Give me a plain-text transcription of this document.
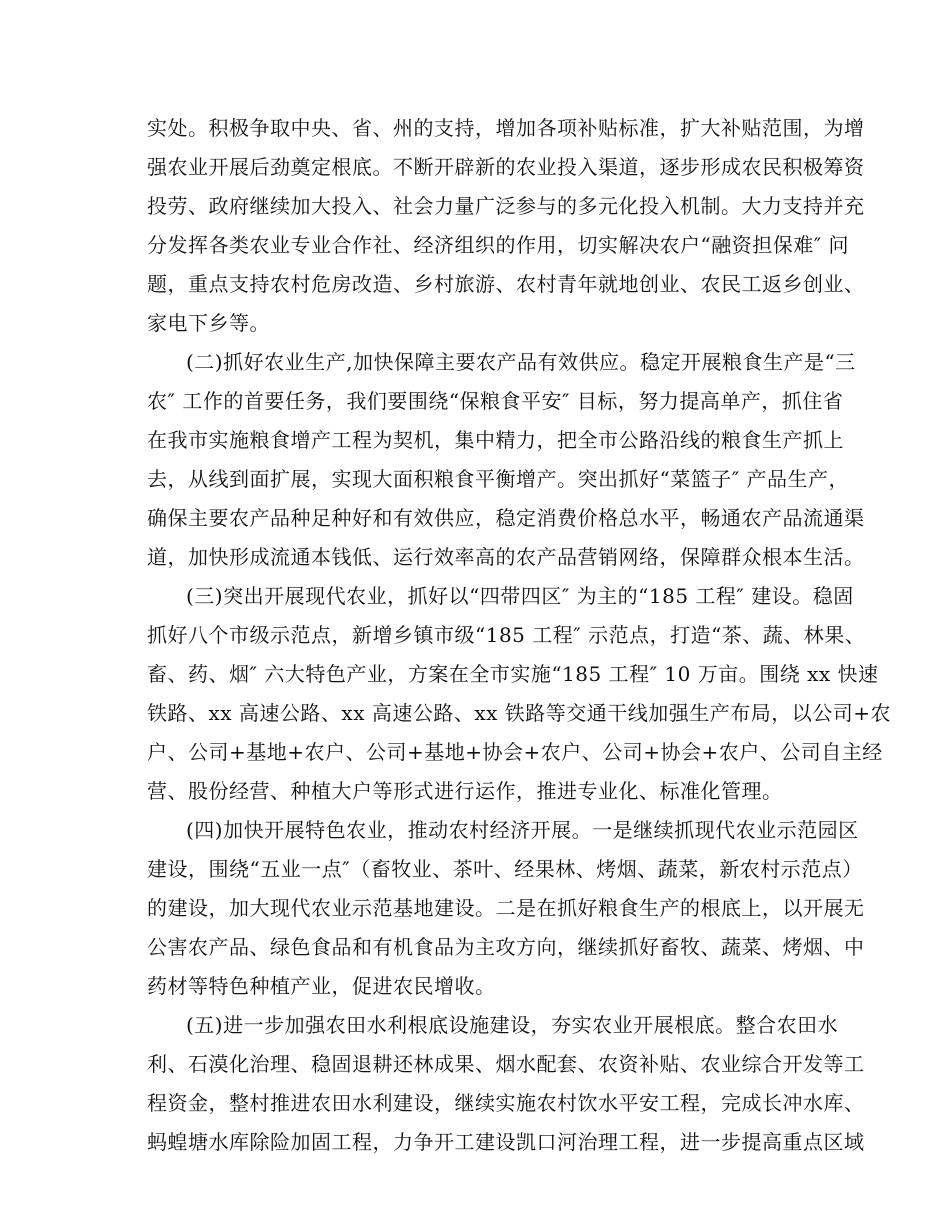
实处。积极争取中央、省、州的支持，增加各项补贴标准，扩大补贴范围，为增
强农业开展后劲奠定根底。不断开辟新的农业投入渠道，逐步形成农民积极筹资
投劳、政府继续加大投入、社会力量广泛参与的多元化投入机制。大力支持并充
分发挥各类农业专业合作社、经济组织的作用，切实解决农户“融资担保难″ 问
题，重点支持农村危房改造、乡村旅游、农村青年就地创业、农民工返乡创业、
家电下乡等。
(二)抓好农业生产,加快保障主要农产品有效供应。稳定开展粮食生产是“三
农″ 工作的首要任务，我们要围绕“保粮食平安″ 目标，努力提高单产，抓住省
在我市实施粮食增产工程为契机，集中精力，把全市公路沿线的粮食生产抓上
去，从线到面扩展，实现大面积粮食平衡增产。突出抓好“菜篮子″ 产品生产，
确保主要农产品种足种好和有效供应，稳定消费价格总水平，畅通农产品流通渠
道，加快形成流通本钱低、运行效率高的农产品营销网络，保障群众根本生活。
(三)突出开展现代农业，抓好以“四带四区″ 为主的“185 工程″ 建设。稳固
抓好八个市级示范点，新增乡镇市级“185 工程″ 示范点，打造“茶、蔬、林果、
畜、药、烟″ 六大特色产业，方案在全市实施“185 工程″ 10 万亩。围绕 xx 快速
铁路、xx 高速公路、xx 高速公路、xx 铁路等交通干线加强生产布局，以公司+农
户、公司+基地+农户、公司+基地+协会+农户、公司+协会+农户、公司自主经
营、股份经营、种植大户等形式进行运作，推进专业化、标准化管理。
(四)加快开展特色农业，推动农村经济开展。一是继续抓现代农业示范园区
建设，围绕“五业一点″（畜牧业、茶叶、经果林、烤烟、蔬菜，新农村示范点）
的建设，加大现代农业示范基地建设。二是在抓好粮食生产的根底上，以开展无
公害农产品、绿色食品和有机食品为主攻方向，继续抓好畜牧、蔬菜、烤烟、中
药材等特色种植产业，促进农民增收。
(五)进一步加强农田水利根底设施建设，夯实农业开展根底。整合农田水
利、石漠化治理、稳固退耕还林成果、烟水配套、农资补贴、农业综合开发等工
程资金，整村推进农田水利建设，继续实施农村饮水平安工程，完成长冲水库、
蚂蝗塘水库除险加固工程，力争开工建设凯口河治理工程，进一步提高重点区域
